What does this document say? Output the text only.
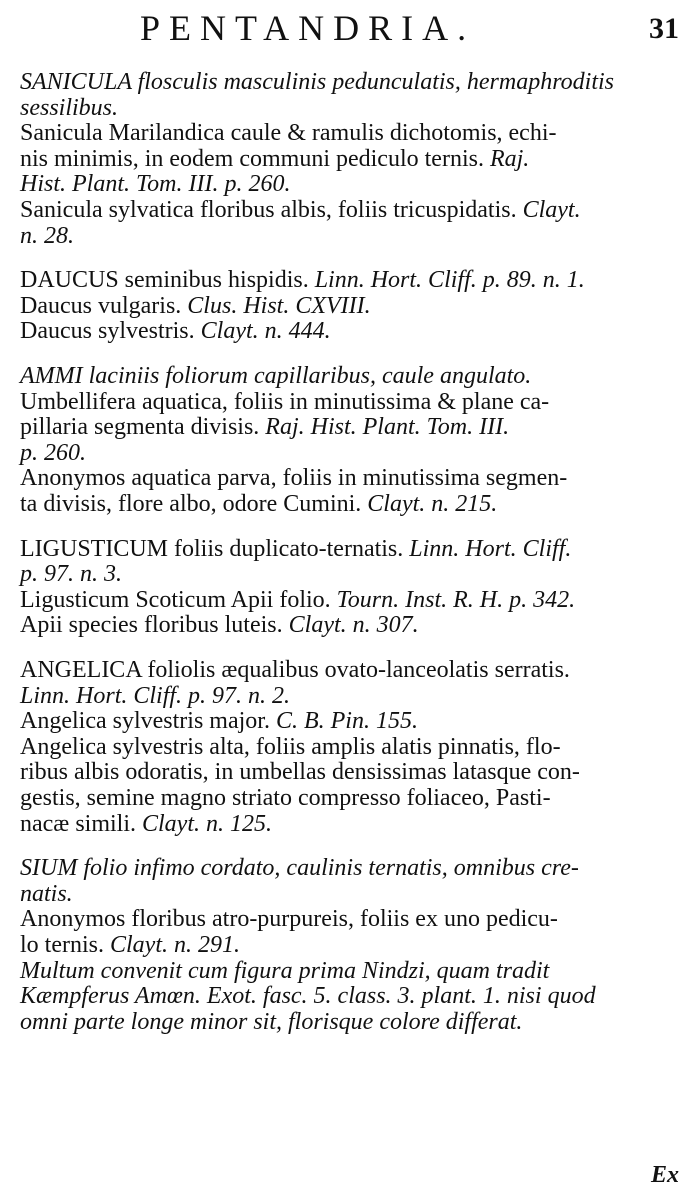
PENTANDRIA.	31
SANICULA flosculis masculinis pedunculatis, hermaphroditis
sessilibus.
Sanicula Marilandica caule & ramulis dichotomis, echi-
nis minimis, in eodem communi pediculo ternis. Raj.
Hist. Plant. Tom. III. p. 260.
Sanicula sylvatica floribus albis, foliis tricuspidatis. Clayt.
n. 28.
DAUCUS seminibus hispidis. Linn. Hort. Cliff. p. 89. n. 1.
Daucus vulgaris. Clus. Hist. CXVIII.
Daucus sylvestris. Clayt. n. 444.
AMMI laciniis foliorum capillaribus, caule angulato.
Umbellifera aquatica, foliis in minutissima & plane ca-
pillaria segmenta divisis. Raj. Hist. Plant. Tom. III.
p. 260.
Anonymos aquatica parva, foliis in minutissima segmen-
ta divisis, flore albo, odore Cumini. Clayt. n. 215.
LIGUSTICUM foliis duplicato-ternatis. Linn. Hort. Cliff.
p. 97. n. 3.
Ligusticum Scoticum Apii folio. Tourn. Inst. R. H. p. 342.
Apii species floribus luteis. Clayt. n. 307.
ANGELICA foliolis æqualibus ovato-lanceolatis serratis.
Linn. Hort. Cliff. p. 97. n. 2.
Angelica sylvestris major. C. B. Pin. 155.
Angelica sylvestris alta, foliis amplis alatis pinnatis, flo-
ribus albis odoratis, in umbellas densissimas latasque con-
gestis, semine magno striato compresso foliaceo, Pasti-
nacæ simili. Clayt. n. 125.
SIUM folio infimo cordato, caulinis ternatis, omnibus cre-
natis.
Anonymos floribus atro-purpureis, foliis ex uno pedicu-
lo ternis. Clayt. n. 291.
Multum convenit cum figura prima Nindzi, quam tradit
Kæmpferus Amœn. Exot. fasc. 5. class. 3. plant. 1. nisi quod
omni parte longe minor sit, florisque colore differat.
Ex
